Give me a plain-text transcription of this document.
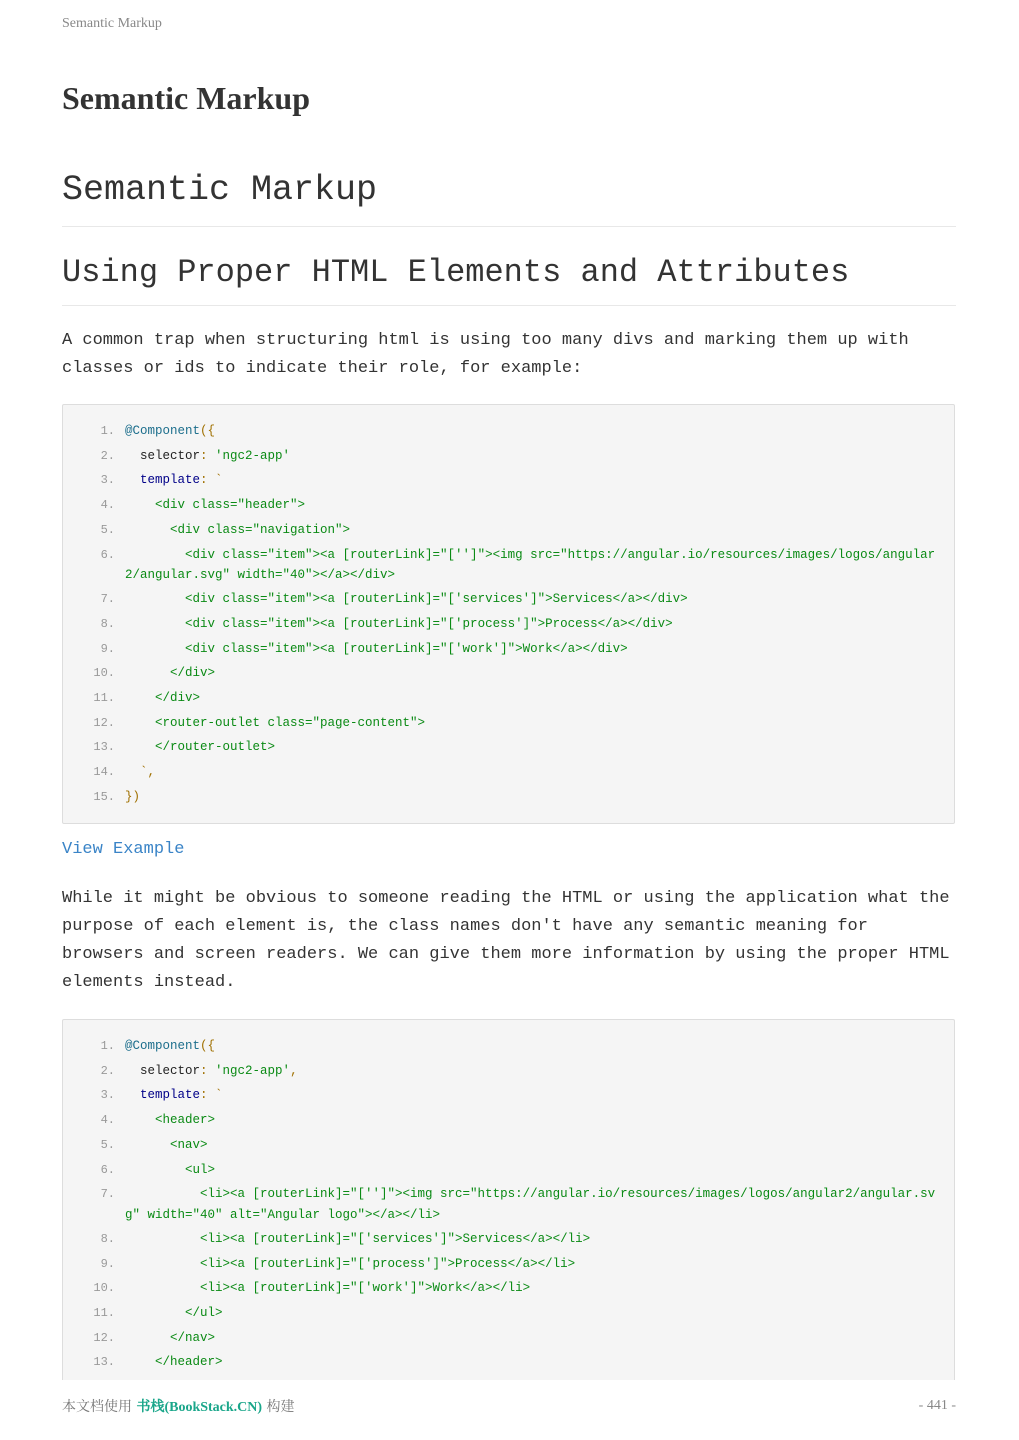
Semantic Markup
Semantic Markup
Semantic Markup
Using Proper HTML Elements and Attributes

A common trap when structuring html is using too many divs and marking them up with classes or ids to indicate their role, for example:

1. @Component({
2. selector: 'ngc2-app'
3. template: `
4. <div class="header">
5. <div class="navigation">
6. <div class="item"><a [routerLink]="['']"><img src="https://angular.io/resources/images/logos/angular2/angular.svg" width="40"></a></div>
7. <div class="item"><a [routerLink]="['services']">Services</a></div>
8. <div class="item"><a [routerLink]="['process']">Process</a></div>
9. <div class="item"><a [routerLink]="['work']">Work</a></div>
10. </div>
11. </div>
12. <router-outlet class="page-content">
13. </router-outlet>
14. `,
15. })
View Example

While it might be obvious to someone reading the HTML or using the application what the purpose of each element is, the class names don't have any semantic meaning for browsers and screen readers. We can give them more information by using the proper HTML elements instead.

1. @Component({
2. selector: 'ngc2-app',
3. template: `
4. <header>
5. <nav>
6. <ul>
7. <li><a [routerLink]="['']"><img src="https://angular.io/resources/images/logos/angular2/angular.svg" width="40" alt="Angular logo"></a></li>
8. <li><a [routerLink]="['services']">Services</a></li>
9. <li><a [routerLink]="['process']">Process</a></li>
10. <li><a [routerLink]="['work']">Work</a></li>
11. </ul>
12. </nav>
13. </header>
本文档使用 书栈(BookStack.CN) 构建	- 441 -
